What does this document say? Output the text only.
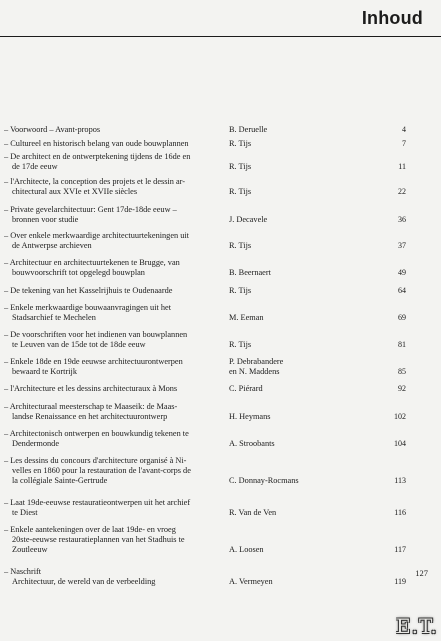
Inhoud
– Voorwoord – Avant-propos	B. Deruelle	4
– Cultureel en historisch belang van oude bouwplannen	R. Tijs	7
– De architect en de ontwerptekening tijdens de 16de en
de 17de eeuw	R. Tijs	11
– l'Architecte, la conception des projets et le dessin ar-
chitectural aux XVIe et XVIIe siècles	R. Tijs	22
– Private gevelarchitectuur: Gent 17de-18de eeuw –
bronnen voor studie	J. Decavele	36
– Over enkele merkwaardige architectuurtekeningen uit
de Antwerpse archieven	R. Tijs	37
– Architectuur en architectuurtekenen te Brugge, van
bouwvoorschrift tot opgelegd bouwplan	B. Beernaert	49
– De tekening van het Kasselrijhuis te Oudenaarde	R. Tijs	64
– Enkele merkwaardige bouwaanvragingen uit het
Stadsarchief te Mechelen	M. Eeman	69
– De voorschriften voor het indienen van bouwplannen
te Leuven van de 15de tot de 18de eeuw	R. Tijs	81
– Enkele 18de en 19de eeuwse architectuurontwerpen
bewaard te Kortrijk
P. Debrabandere
en N. Maddens	85
– l'Architecture et les dessins architecturaux à Mons	C. Piérard	92
– Architecturaal meesterschap te Maaseik: de Maas-
landse Renaissance en het architectuurontwerp	H. Heymans	102
– Architectonisch ontwerpen en bouwkundig tekenen te
Dendermonde	A. Stroobants	104
– Les dessins du concours d'architecture organisé à Ni-
velles en 1860 pour la restauration de l'avant-corps de
la collégiale Sainte-Gertrude	C. Donnay-Rocmans	113
– Laat 19de-eeuwse restauratieontwerpen uit het archief
te Diest	R. Van de Ven	116
– Enkele aantekeningen over de laat 19de- en vroeg
20ste-eeuwse restauratieplannen van het Stadhuis te
Zoutleeuw	A. Loosen	117
– Naschrift
Architectuur, de wereld van de verbeelding	A. Vermeyen	119
127
E.T.
